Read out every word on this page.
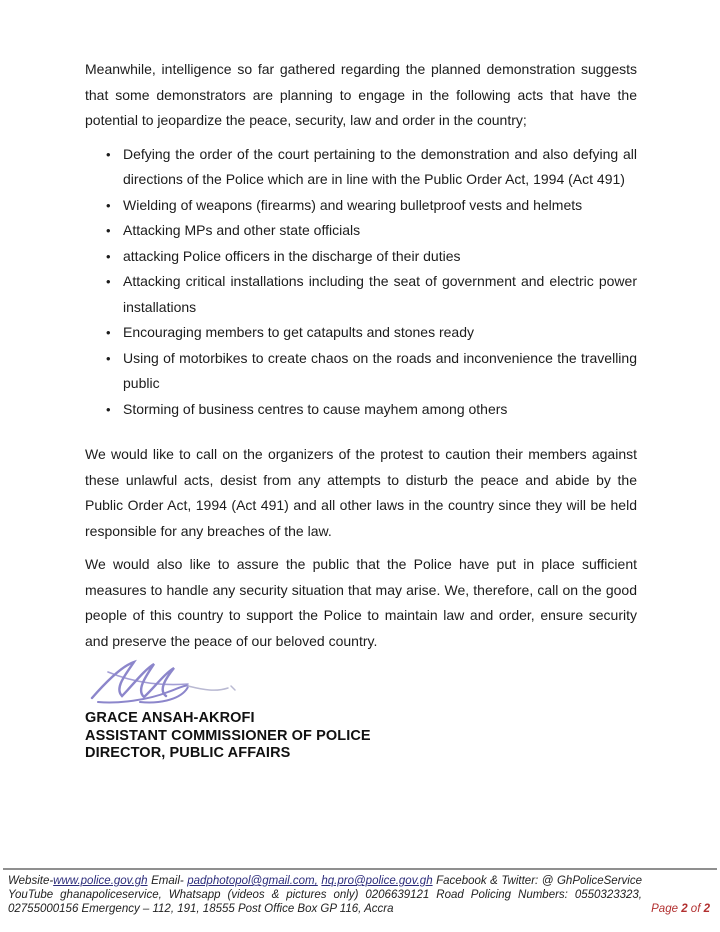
Meanwhile, intelligence so far gathered regarding the planned demonstration suggests that some demonstrators are planning to engage in the following acts that have the potential to jeopardize the peace, security, law and order in the country;

• Defying the order of the court pertaining to the demonstration and also defying all directions of the Police which are in line with the Public Order Act, 1994 (Act 491)
• Wielding of weapons (firearms) and wearing bulletproof vests and helmets
• Attacking MPs and other state officials
• attacking Police officers in the discharge of their duties
• Attacking critical installations including the seat of government and electric power installations
• Encouraging members to get catapults and stones ready
• Using of motorbikes to create chaos on the roads and inconvenience the travelling public
• Storming of business centres to cause mayhem among others

We would like to call on the organizers of the protest to caution their members against these unlawful acts, desist from any attempts to disturb the peace and abide by the Public Order Act, 1994 (Act 491) and all other laws in the country since they will be held responsible for any breaches of the law.

We would also like to assure the public that the Police have put in place sufficient measures to handle any security situation that may arise. We, therefore, call on the good people of this country to support the Police to maintain law and order, ensure security and preserve the peace of our beloved country.

GRACE ANSAH-AKROFI
ASSISTANT COMMISSIONER OF POLICE
DIRECTOR, PUBLIC AFFAIRS
Website-www.police.gov.gh Email- padphotopol@gmail.com, hq.pro@police.gov.gh Facebook & Twitter: @ GhPoliceService YouTube ghanapoliceservice, Whatsapp (videos & pictures only) 0206639121 Road Policing Numbers: 0550323323, 02755000156 Emergency – 112, 191, 18555 Post Office Box GP 116, Accra	Page 2 of 2
